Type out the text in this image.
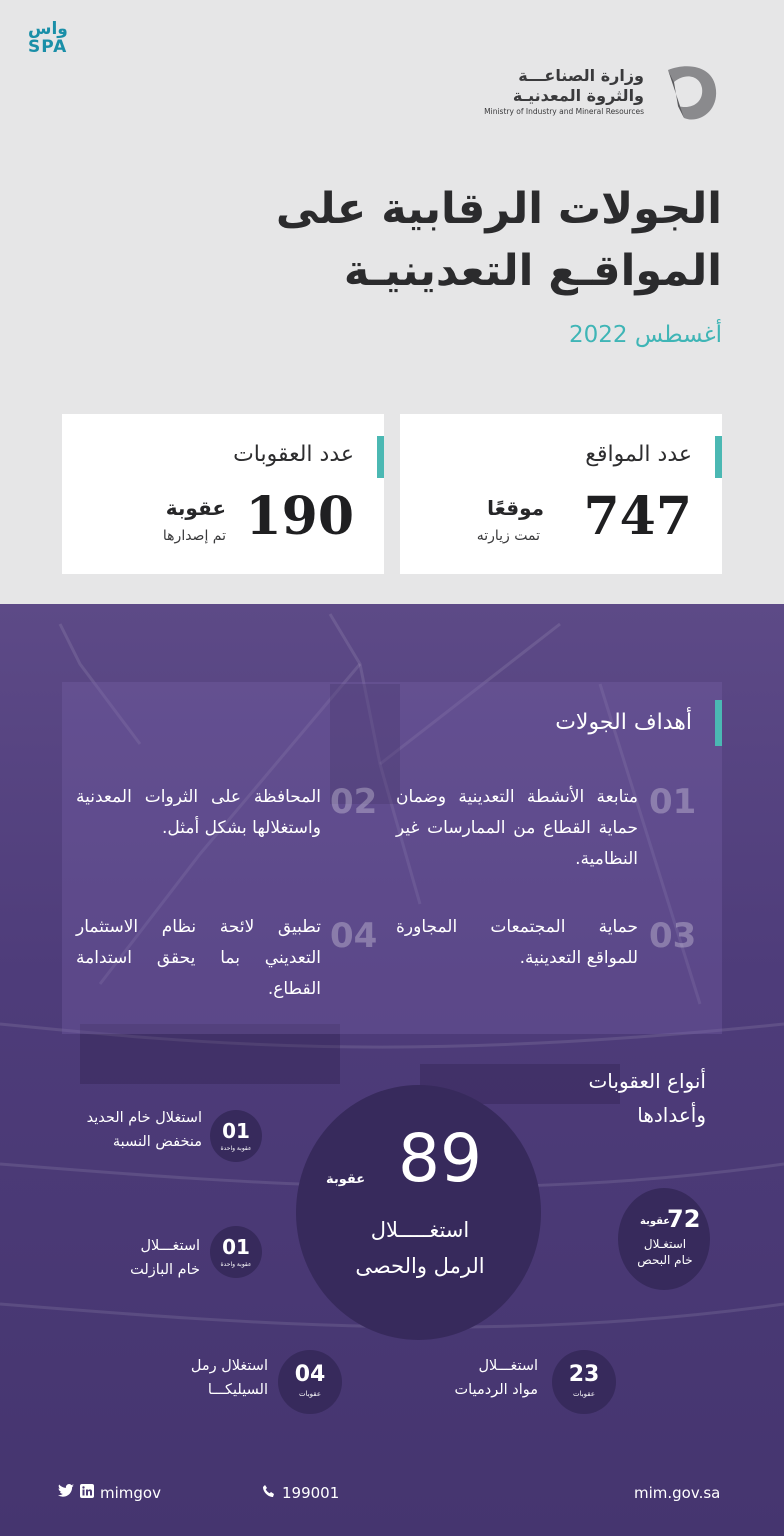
واس
SPA
وزارة الصناعـــة
والثروة المعدنيـة
Ministry of Industry and Mineral Resources
الجولات الرقابية على
المواقـع التعدينيـة
أغسطس 2022
عدد المواقع
747
موقعًا
تمت زيارته
عدد العقوبات
190
عقوبة
تم إصدارها
أهداف الجولات
01
متابعة الأنشطة التعدينية وضمان حماية القطاع من الممارسات غير النظامية.
02
المحافظة على الثروات المعدنية واستغلالها بشكل أمثل.
03
حماية المجتمعات المجاورة للمواقع التعدينية.
04
تطبيق لائحة نظام الاستثمار التعديني بما يحقق استدامة القطاع.
أنواع العقوبات
وأعدادها
89
عقوبة
استغـــــلال
الرمل والحصى
72
عقوبة
استغـلال
خام البحص
23
عقوبات
استغـــلال
مواد الردميات
04
عقوبات
استغلال رمل
السيليكـــا
01
عقوبة واحدة
استغـــلال
خام البازلت
01
عقوبة واحدة
استغلال خام الحديد
منخفض النسبة
mimgov	199001	mim.gov.sa
